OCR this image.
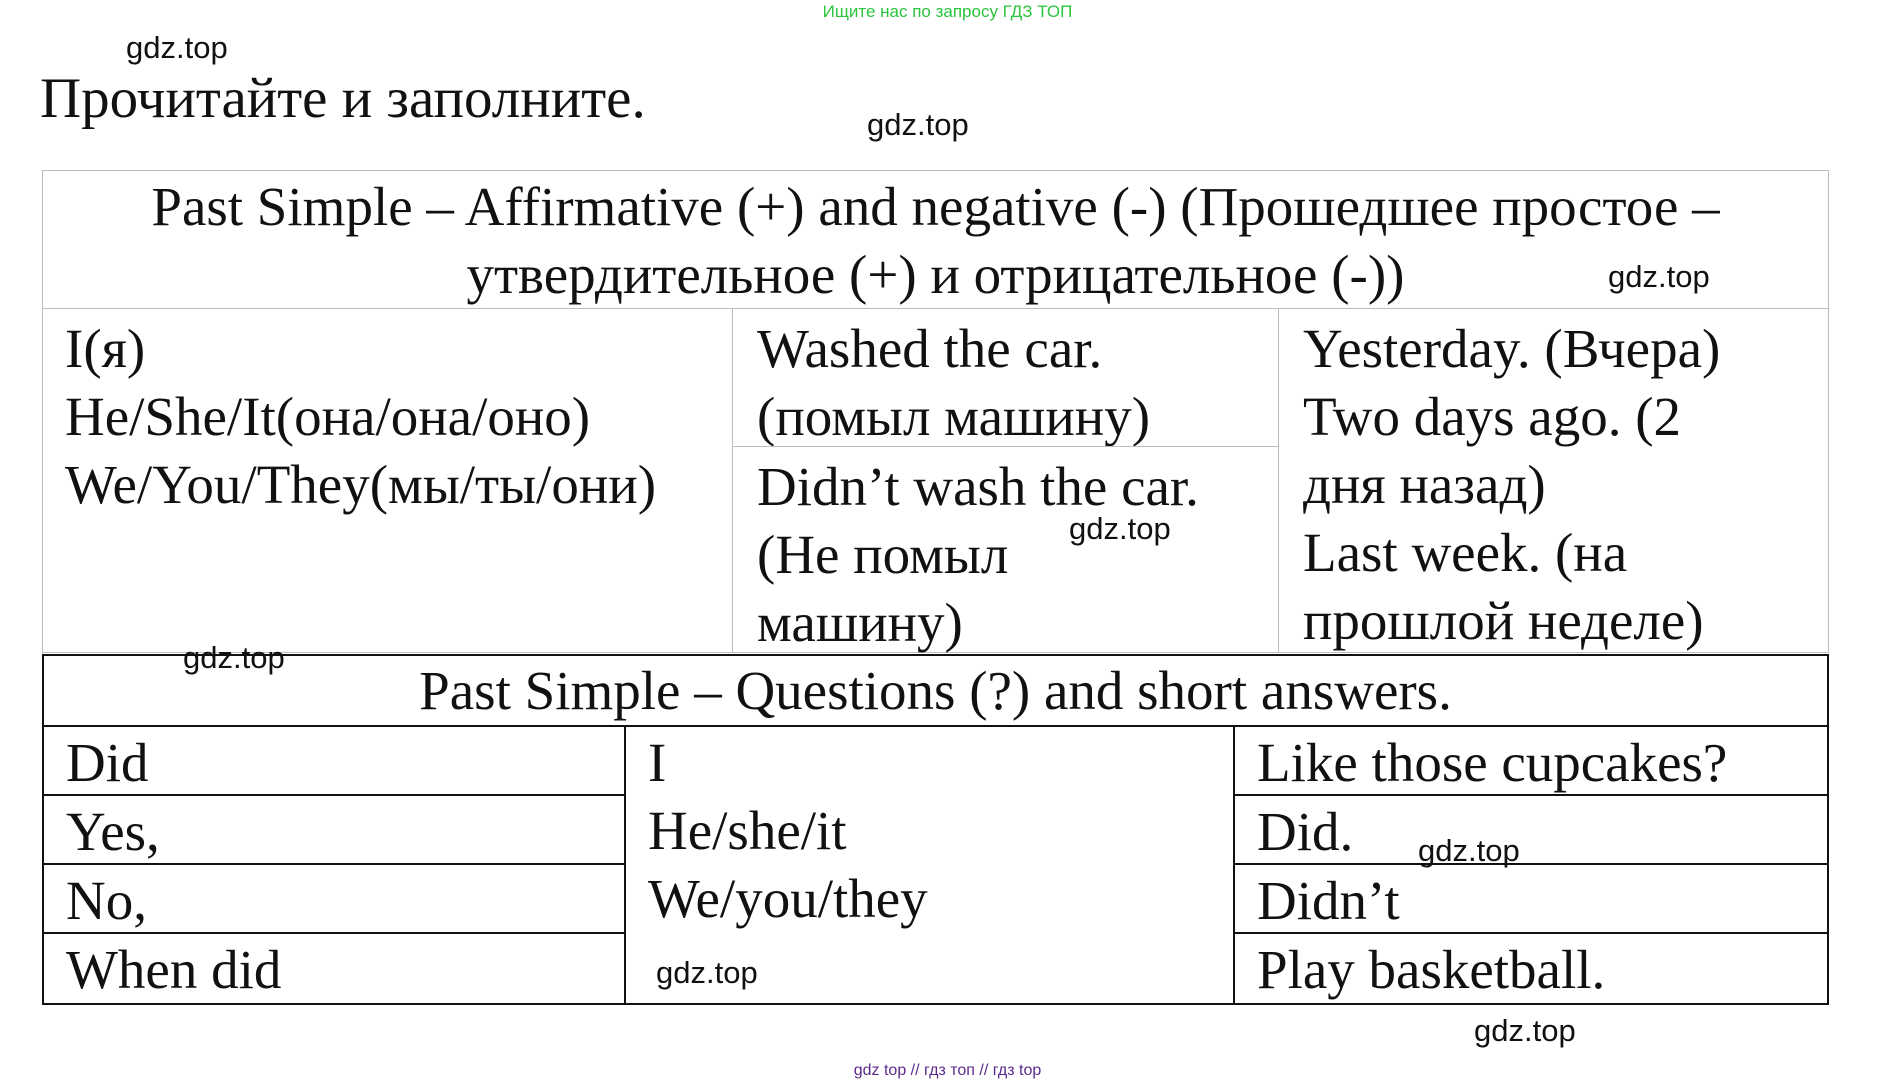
Ищите нас по запросу ГДЗ ТОП
gdz.top
Прочитайте и заполните.	gdz.top
Past Simple – Affirmative (+) and negative (-) (Прошедшее простое –
утвердительное (+) и отрицательное (-))
I(я)
He/She/It(она/она/оно)
We/You/They(мы/ты/они)
Washed the car.
(помыл машину)
Didn’t wash the car.
(Не помыл
машину)
Yesterday. (Вчера)
Two days ago. (2
дня назад)
Last week. (на
прошлой неделе)
Past Simple – Questions (?) and short answers.
Did
Yes,
No,
When did
I
He/she/it
We/you/they
Like those cupcakes?
Did.
Didn’t
Play basketball.
gdz.top
gdz.top
gdz.top
gdz.top
gdz.top
gdz.top
gdz top // гдз топ // гдз top
